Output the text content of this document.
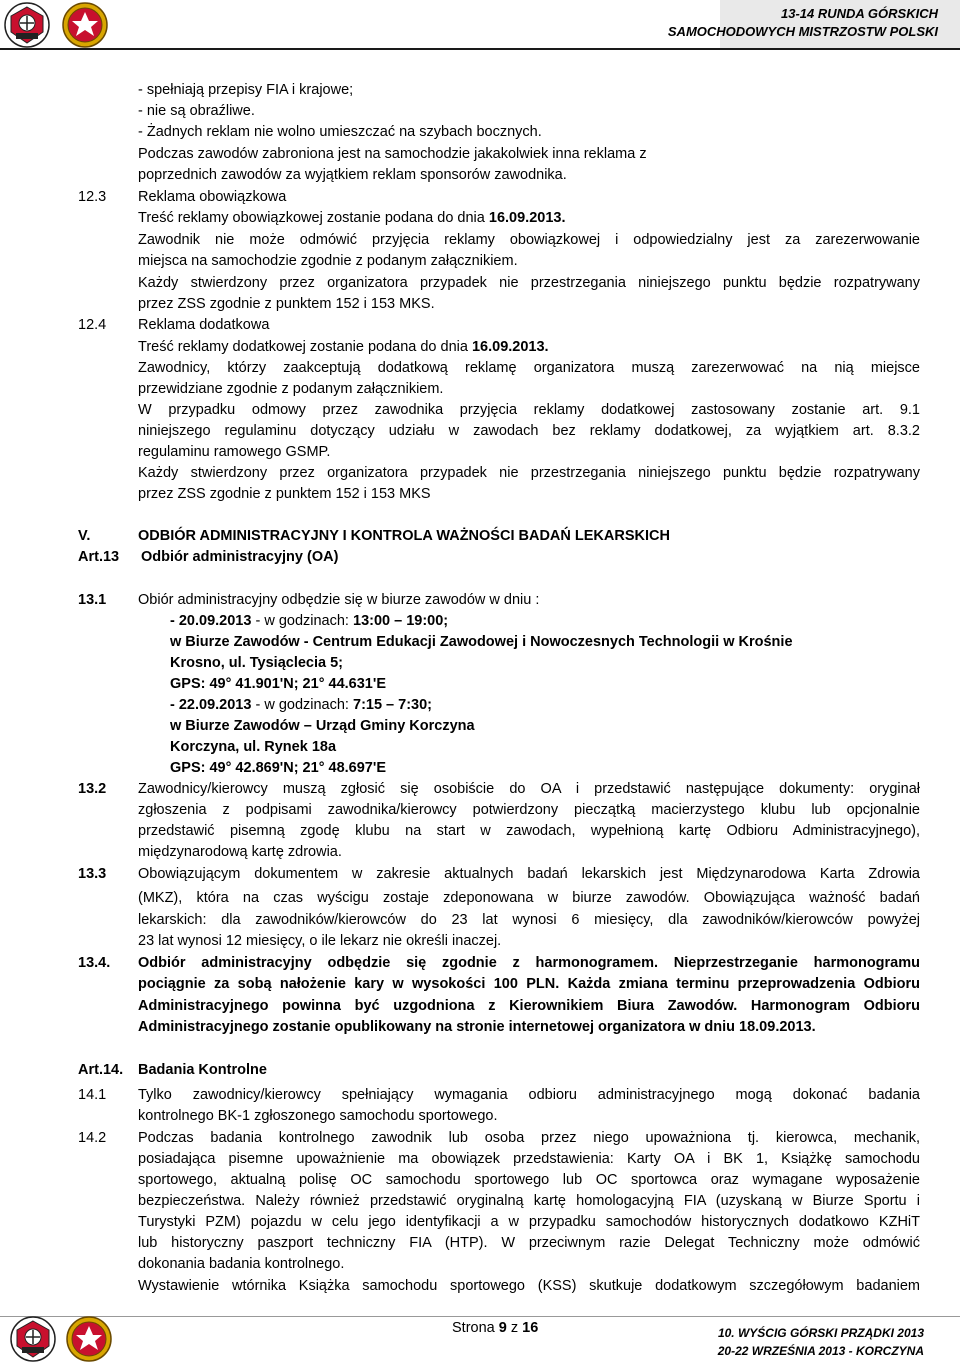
13-14 RUNDA GÓRSKICH
SAMOCHODOWYCH MISTRZOSTW POLSKI
- spełniają przepisy FIA i krajowe;
- nie są obraźliwe.
- Żadnych reklam nie wolno umieszczać na szybach bocznych.
Podczas zawodów zabroniona jest na samochodzie jakakolwiek inna reklama z
poprzednich zawodów za wyjątkiem reklam sponsorów zawodnika.
12.3 Reklama obowiązkowa
Treść reklamy obowiązkowej zostanie podana do dnia 16.09.2013.
Zawodnik nie może odmówić przyjęcia reklamy obowiązkowej i odpowiedzialny jest za zarezerwowanie
miejsca na samochodzie zgodnie z podanym załącznikiem.
Każdy stwierdzony przez organizatora przypadek nie przestrzegania niniejszego punktu będzie rozpatrywany
przez ZSS zgodnie z punktem 152 i 153 MKS.
12.4 Reklama dodatkowa
Treść reklamy dodatkowej zostanie podana do dnia 16.09.2013.
Zawodnicy, którzy zaakceptują dodatkową reklamę organizatora muszą zarezerwować na nią miejsce
przewidziane zgodnie z podanym załącznikiem.
W przypadku odmowy przez zawodnika przyjęcia reklamy dodatkowej zastosowany zostanie art. 9.1
niniejszego regulaminu dotyczący udziału w zawodach bez reklamy dodatkowej, za wyjątkiem art. 8.3.2
regulaminu ramowego GSMP.
Każdy stwierdzony przez organizatora przypadek nie przestrzegania niniejszego punktu będzie rozpatrywany
przez ZSS zgodnie z punktem 152 i 153 MKS
V.	ODBIÓR ADMINISTRACYJNY I KONTROLA WAŻNOŚCI BADAŃ LEKARSKICH
Art.13 Odbiór administracyjny (OA)
13.1 Obiór administracyjny odbędzie się w biurze zawodów w dniu :
- 20.09.2013 - w godzinach: 13:00 – 19:00;
w Biurze Zawodów - Centrum Edukacji Zawodowej i Nowoczesnych Technologii w Krośnie
Krosno, ul. Tysiąclecia 5;
GPS: 49° 41.901'N; 21° 44.631'E
- 22.09.2013 - w godzinach: 7:15 – 7:30;
w Biurze Zawodów – Urząd Gminy Korczyna
Korczyna, ul. Rynek 18a
GPS: 49° 42.869'N; 21° 48.697'E
13.2 Zawodnicy/kierowcy muszą zgłosić się osobiście do OA i przedstawić następujące dokumenty: oryginał
zgłoszenia z podpisami zawodnika/kierowcy potwierdzony pieczątką macierzystego klubu lub opcjonalnie
przedstawić pisemną zgodę klubu na start w zawodach, wypełnioną kartę Odbioru Administracyjnego),
międzynarodową kartę zdrowia.
13.3 Obowiązującym dokumentem w zakresie aktualnych badań lekarskich jest Międzynarodowa Karta Zdrowia
(MKZ), która na czas wyścigu zostaje zdeponowana w biurze zawodów. Obowiązująca ważność badań
lekarskich: dla zawodników/kierowców do 23 lat wynosi 6 miesięcy, dla zawodników/kierowców powyżej
23 lat wynosi 12 miesięcy, o ile lekarz nie określi inaczej.
13.4. Odbiór administracyjny odbędzie się zgodnie z harmonogramem. Nieprzestrzeganie harmonogramu
pociągnie za sobą nałożenie kary w wysokości 100 PLN. Każda zmiana terminu przeprowadzenia Odbioru
Administracyjnego powinna być uzgodniona z Kierownikiem Biura Zawodów. Harmonogram Odbioru
Administracyjnego zostanie opublikowany na stronie internetowej organizatora w dniu 18.09.2013.
Art.14. Badania Kontrolne
14.1 Tylko zawodnicy/kierowcy spełniający wymagania odbioru administracyjnego mogą dokonać badania
kontrolnego BK-1 zgłoszonego samochodu sportowego.
14.2 Podczas badania kontrolnego zawodnik lub osoba przez niego upoważniona tj. kierowca, mechanik,
posiadająca pisemne upoważnienie ma obowiązek przedstawienia: Karty OA i BK 1, Książkę samochodu
sportowego, aktualną polisę OC samochodu sportowego lub OC sportowca oraz wymagane wyposażenie
bezpieczeństwa. Należy również przedstawić oryginalną kartę homologacyjną FIA (uzyskaną w Biurze Sportu i
Turystyki PZM) pojazdu w celu jego identyfikacji a w przypadku samochodów historycznych dodatkowo KZHiT
lub historyczny paszport techniczny FIA (HTP). W przeciwnym razie Delegat Techniczny może odmówić
dokonania badania kontrolnego.
Wystawienie wtórnika Książka samochodu sportowego (KSS) skutkuje dodatkowym szczegółowym badaniem
Strona 9 z 16	10. WYŚCIG GÓRSKI PRZĄDKI 2013
20-22 WRZEŚNIA 2013 - KORCZYNA
